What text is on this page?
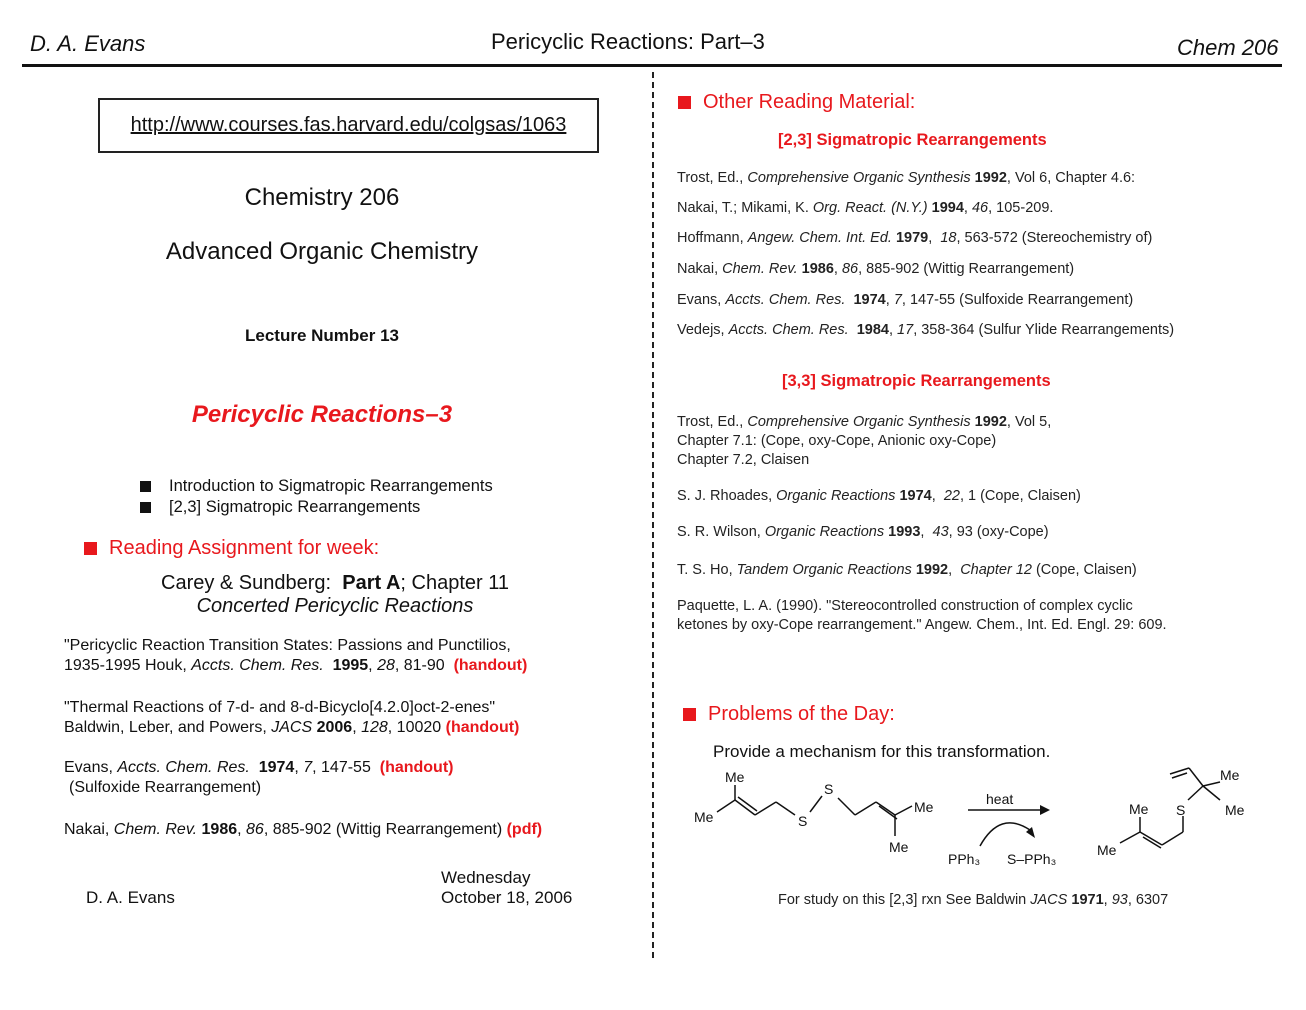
D. A. Evans	Pericyclic Reactions: Part–3	Chem 206
http://www.courses.fas.harvard.edu/colgsas/1063
Chemistry 206
Advanced Organic Chemistry
Lecture Number 13
Pericyclic Reactions–3
Introduction to Sigmatropic Rearrangements
[2,3] Sigmatropic Rearrangements
Reading Assignment for week:
Carey & Sundberg: Part A; Chapter 11
Concerted Pericyclic Reactions
"Pericyclic Reaction Transition States: Passions and Punctilios,
1935-1995 Houk, Accts. Chem. Res. 1995, 28, 81-90 (handout)
"Thermal Reactions of 7-d- and 8-d-Bicyclo[4.2.0]oct-2-enes"
Baldwin, Leber, and Powers, JACS 2006, 128, 10020 (handout)
Evans, Accts. Chem. Res. 1974, 7, 147-55 (handout)
(Sulfoxide Rearrangement)
Nakai, Chem. Rev. 1986, 86, 885-902 (Wittig Rearrangement) (pdf)
D. A. Evans
Wednesday
October 18, 2006
Other Reading Material:
[2,3] Sigmatropic Rearrangements
Trost, Ed., Comprehensive Organic Synthesis 1992, Vol 6, Chapter 4.6:
Nakai, T.; Mikami, K. Org. React. (N.Y.) 1994, 46, 105-209.
Hoffmann, Angew. Chem. Int. Ed. 1979,  18, 563-572 (Stereochemistry of)
Nakai, Chem. Rev. 1986, 86, 885-902 (Wittig Rearrangement)
Evans, Accts. Chem. Res. 1974, 7, 147-55 (Sulfoxide Rearrangement)
Vedejs, Accts. Chem. Res. 1984, 17, 358-364 (Sulfur Ylide Rearrangements)
[3,3] Sigmatropic Rearrangements
Trost, Ed., Comprehensive Organic Synthesis 1992, Vol 5,
Chapter 7.1: (Cope, oxy-Cope, Anionic oxy-Cope)
Chapter 7.2, Claisen
S. J. Rhoades, Organic Reactions 1974,  22, 1 (Cope, Claisen)
S. R. Wilson, Organic Reactions 1993,  43, 93 (oxy-Cope)
T. S. Ho, Tandem Organic Reactions 1992,  Chapter 12 (Cope, Claisen)
Paquette, L. A. (1990). "Stereocontrolled construction of complex cyclic
ketones by oxy-Cope rearrangement." Angew. Chem., Int. Ed. Engl. 29: 609.
Problems of the Day:
Provide a mechanism for this transformation.
Me
Me	S
S
Me
Me
heat
PPh₃ S–PPh₃
Me
Me
S
Me
Me
For study on this [2,3] rxn See Baldwin JACS 1971, 93, 6307
